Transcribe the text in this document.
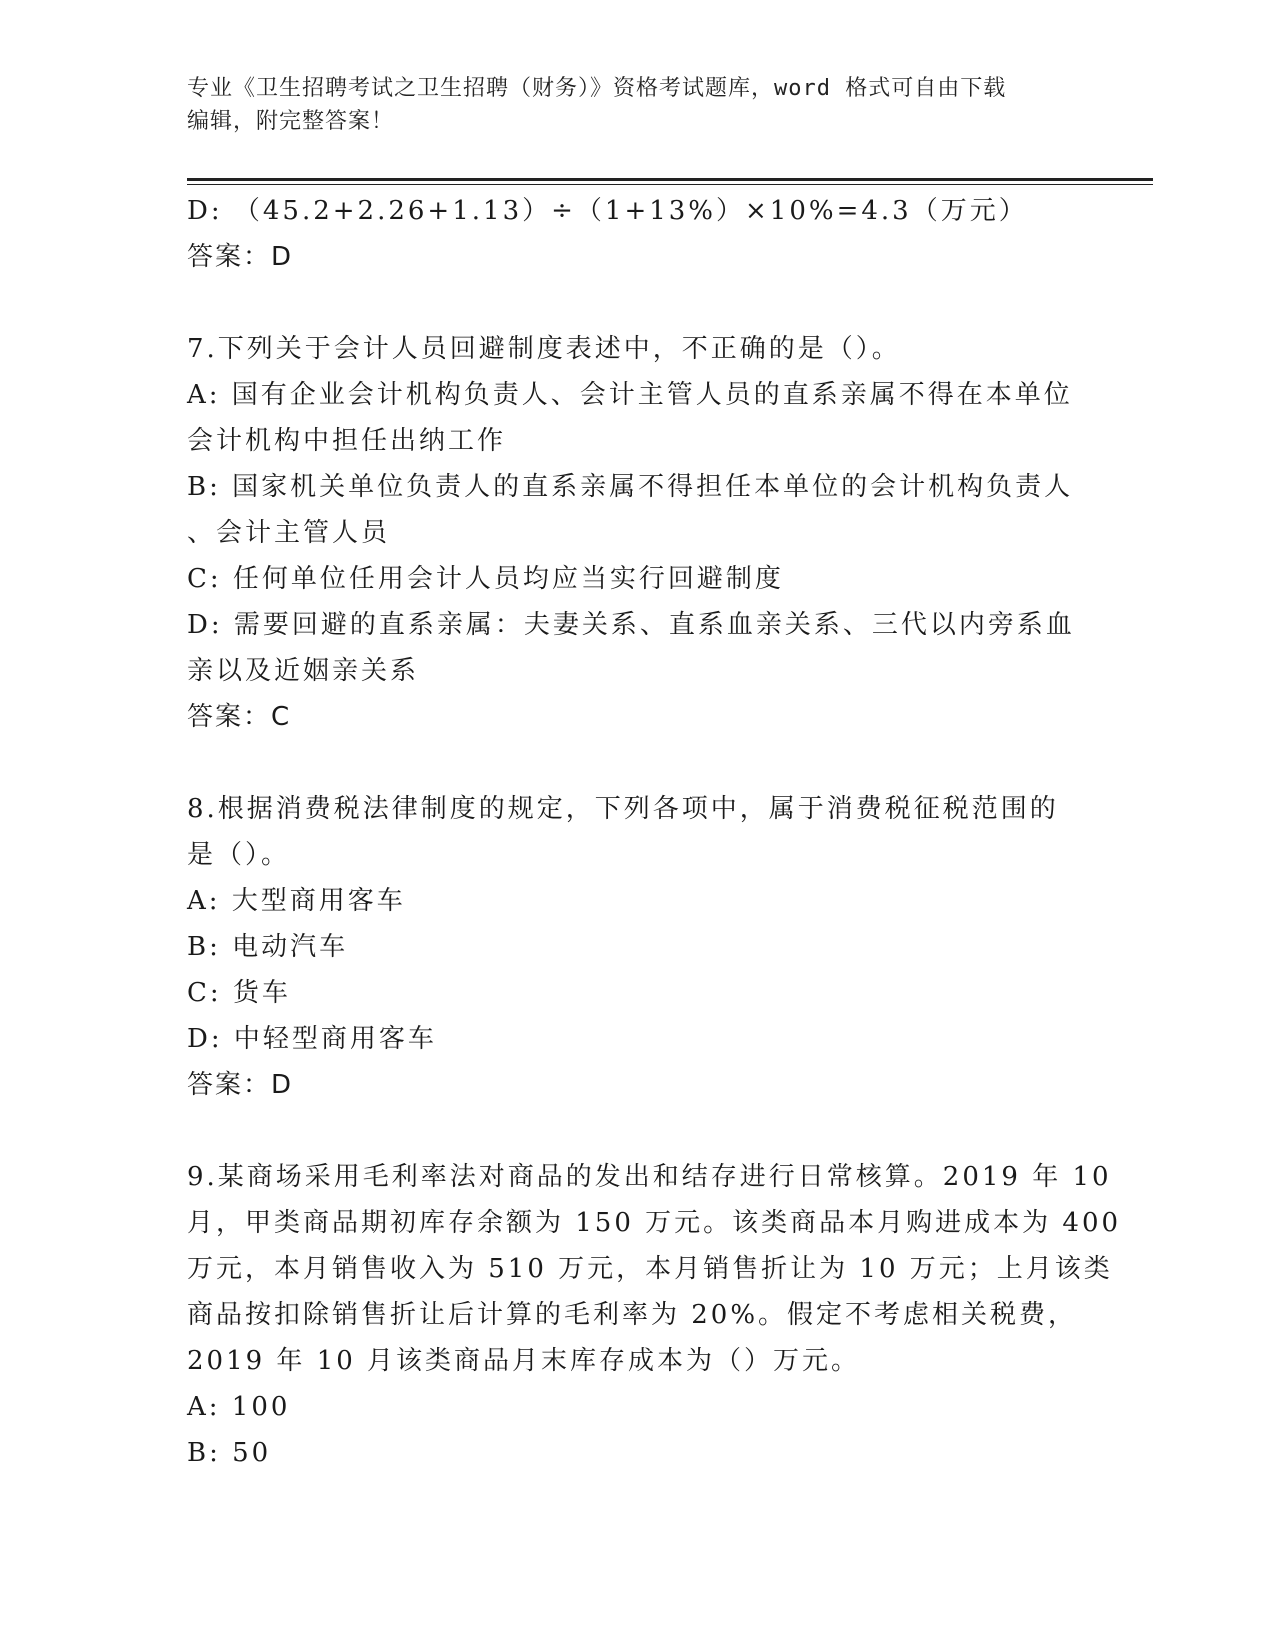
专业《卫生招聘考试之卫生招聘（财务）》资格考试题库，word 格式可自由下载
编辑，附完整答案！
D: （45.2+2.26+1.13）÷（1+13%）×10%=4.3（万元）
答案：D
7.下列关于会计人员回避制度表述中，不正确的是（）。
A: 国有企业会计机构负责人、会计主管人员的直系亲属不得在本单位
会计机构中担任出纳工作
B: 国家机关单位负责人的直系亲属不得担任本单位的会计机构负责人
、会计主管人员
C: 任何单位任用会计人员均应当实行回避制度
D: 需要回避的直系亲属：夫妻关系、直系血亲关系、三代以内旁系血
亲以及近姻亲关系
答案：C
8.根据消费税法律制度的规定，下列各项中，属于消费税征税范围的
是（）。
A: 大型商用客车
B: 电动汽车
C: 货车
D: 中轻型商用客车
答案：D
9.某商场采用毛利率法对商品的发出和结存进行日常核算。2019 年 10
月，甲类商品期初库存余额为 150 万元。该类商品本月购进成本为 400
万元，本月销售收入为 510 万元，本月销售折让为 10 万元；上月该类
商品按扣除销售折让后计算的毛利率为 20%。假定不考虑相关税费，
2019 年 10 月该类商品月末库存成本为（）万元。
A: 100
B: 50
